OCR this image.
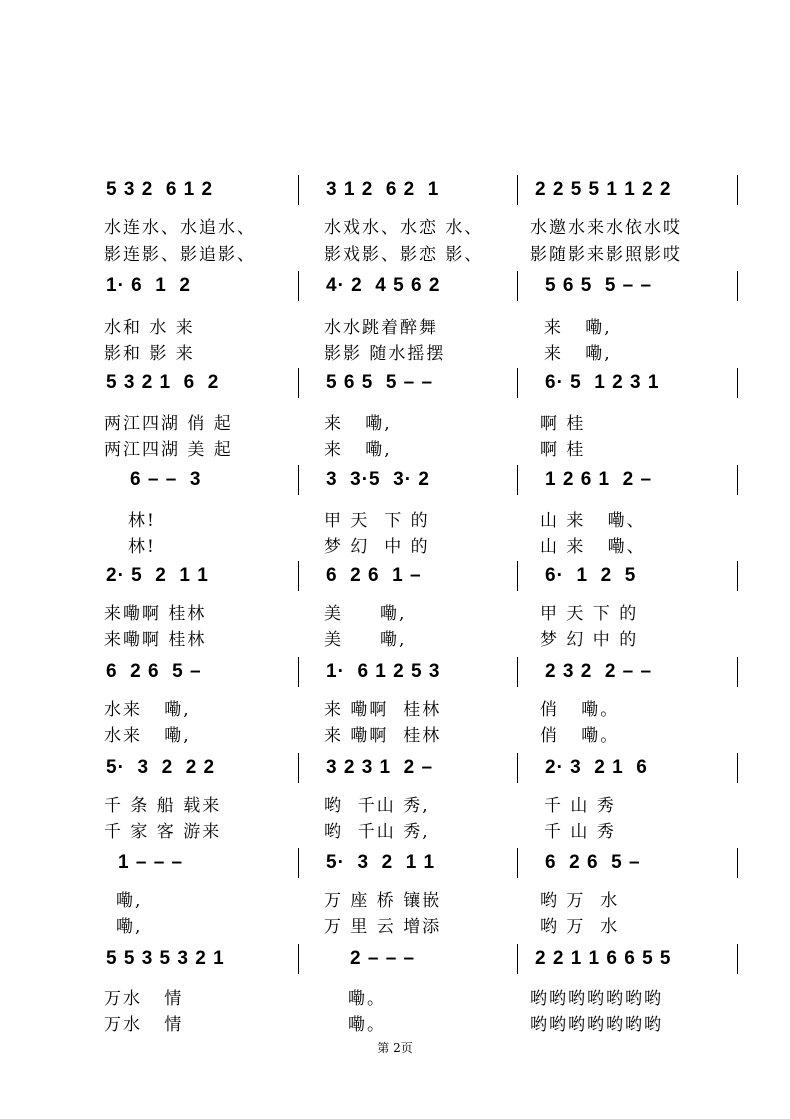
5 3 2  6 1 2	3 1 2  6 2  1	2 2 5 5 1 1 2 2
水连水、水追水、	水戏水、水恋 水、	水邀水来水依水哎
影连影、影追影、	影戏影、影恋 影、	影随影来影照影哎
1· 6  1  2	4· 2  4 5 6 2	5 6 5  5 – –
水和 水 来	水水跳着醉舞	来   嘞,
影和 影 来	影影 随水摇摆	来   嘞,
5 3 2 1  6  2	5 6 5  5 – –	6· 5  1 2 3 1
两江四湖 俏 起	来   嘞,	啊 桂
两江四湖 美 起	来   嘞,	啊 桂
6 – –  3	3  3·5  3· 2	1 2 6 1  2 –
林!	甲 天  下 的	山 来   嘞、
林!	梦 幻  中 的	山 来   嘞、
2· 5  2  1 1	6  2 6  1 –	6·  1  2  5
来嘞啊 桂林	美     嘞,	甲 天 下 的
来嘞啊 桂林	美     嘞,	梦 幻 中 的
6  2 6  5 –	1·  6 1 2 5 3	2 3 2  2 – –
水来   嘞,	来 嘞啊  桂林	俏   嘞。
水来   嘞,	来 嘞啊  桂林	俏   嘞。
5·  3  2  2 2	3 2 3 1  2 –	2· 3  2 1  6
千 条 船 载来	哟  千山 秀,	千 山 秀
千 家 客 游来	哟  千山 秀,	千 山 秀
1 – – –	5·  3  2  1 1	6  2 6  5 –
嘞,	万 座 桥 镶嵌	哟 万  水
嘞,	万 里 云 增添	哟 万  水
5 5 3 5 3 2 1	2 – – –	2 2 1 1 6 6 5 5
万水   情	嘞。	哟哟哟哟哟哟哟
万水   情	嘞。	哟哟哟哟哟哟哟
第 2页
